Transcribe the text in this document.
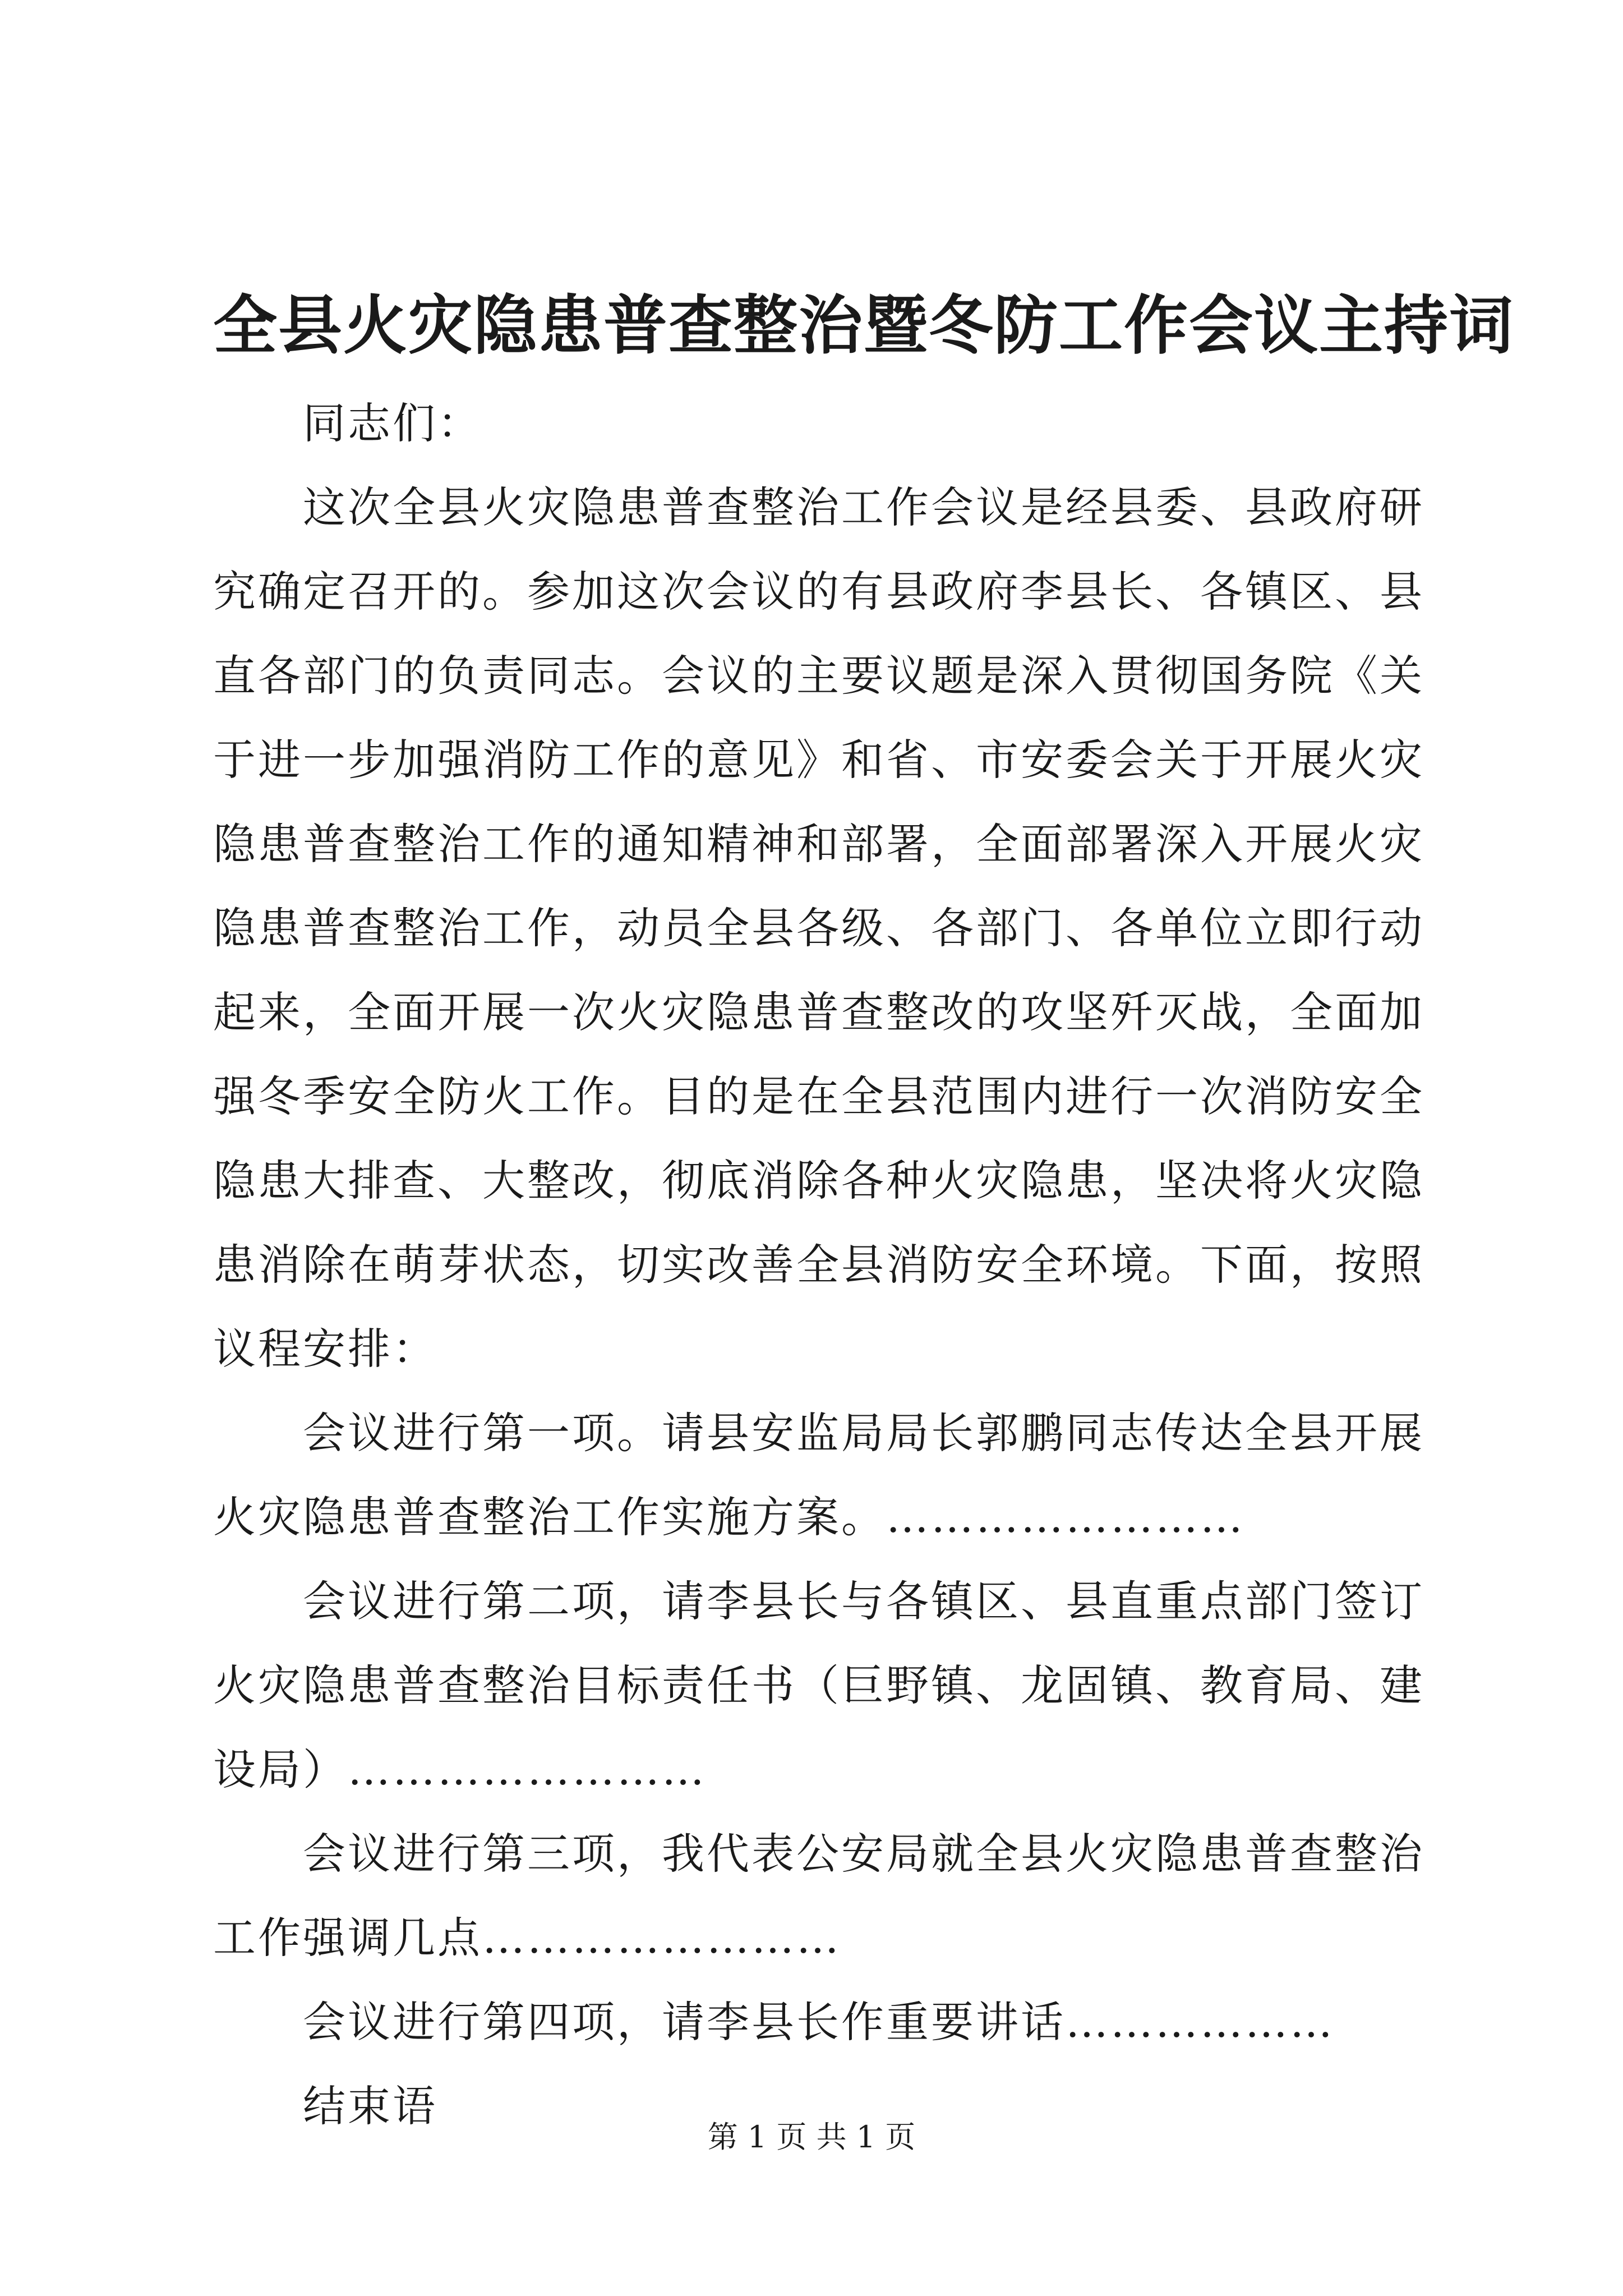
全县火灾隐患普查整治暨冬防工作会议主持词

同志们：

这次全县火灾隐患普查整治工作会议是经县委、县政府研究确定召开的。参加这次会议的有县政府李县长、各镇区、县直各部门的负责同志。会议的主要议题是深入贯彻国务院《关于进一步加强消防工作的意见》和省、市安委会关于开展火灾隐患普查整治工作的通知精神和部署，全面部署深入开展火灾隐患普查整治工作，动员全县各级、各部门、各单位立即行动起来，全面开展一次火灾隐患普查整改的攻坚歼灭战，全面加强冬季安全防火工作。目的是在全县范围内进行一次消防安全隐患大排查、大整改，彻底消除各种火灾隐患，坚决将火灾隐患消除在萌芽状态，切实改善全县消防安全环境。下面，按照议程安排：

会议进行第一项。请县安监局局长郭鹏同志传达全县开展火灾隐患普查整治工作实施方案。……………………

会议进行第二项，请李县长与各镇区、县直重点部门签订火灾隐患普查整治目标责任书（巨野镇、龙固镇、教育局、建设局）……………………

会议进行第三项，我代表公安局就全县火灾隐患普查整治工作强调几点……………………

会议进行第四项，请李县长作重要讲话………………

结束语

第 1 页 共 1 页
